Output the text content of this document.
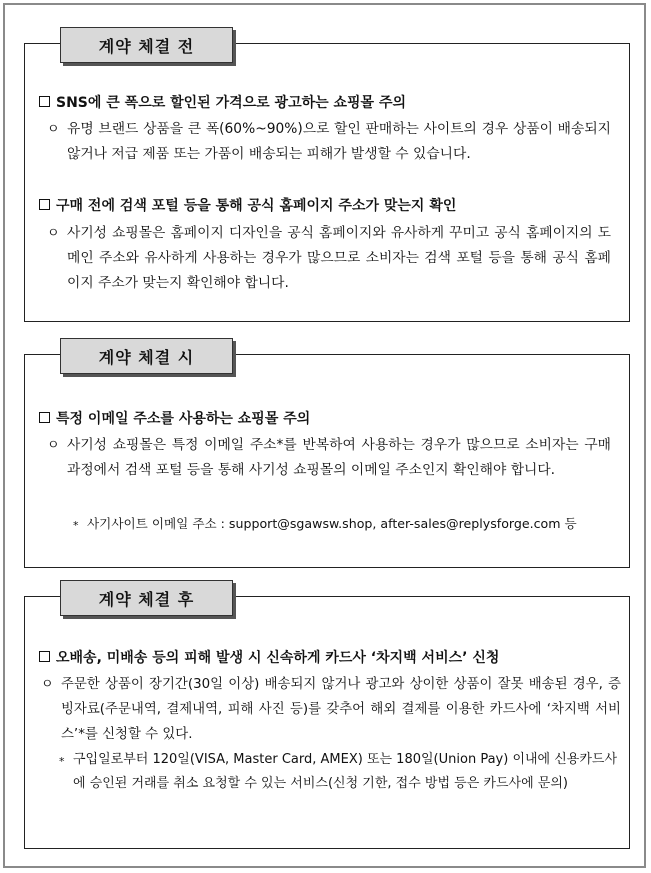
계약 체결 전
SNS에 큰 폭으로 할인된 가격으로 광고하는 쇼핑몰 주의
ㅇ 유명 브랜드 상품을 큰 폭(60%~90%)으로 할인 판매하는 사이트의 경우 상품이 배송되지 않거나 저급 제품 또는 가품이 배송되는 피해가 발생할 수 있습니다.
구매 전에 검색 포털 등을 통해 공식 홈페이지 주소가 맞는지 확인
ㅇ 사기성 쇼핑몰은 홈페이지 디자인을 공식 홈페이지와 유사하게 꾸미고 공식 홈페이지의 도메인 주소와 유사하게 사용하는 경우가 많으므로 소비자는 검색 포털 등을 통해 공식 홈페이지 주소가 맞는지 확인해야 합니다.
계약 체결 시
특정 이메일 주소를 사용하는 쇼핑몰 주의
ㅇ 사기성 쇼핑몰은 특정 이메일 주소*를 반복하여 사용하는 경우가 많으므로 소비자는 구매 과정에서 검색 포털 등을 통해 사기성 쇼핑몰의 이메일 주소인지 확인해야 합니다.
* 사기사이트 이메일 주소 : support@sgawsw.shop, after-sales@replysforge.com 등
계약 체결 후
오배송, 미배송 등의 피해 발생 시 신속하게 카드사 ‘차지백 서비스’ 신청
ㅇ 주문한 상품이 장기간(30일 이상) 배송되지 않거나 광고와 상이한 상품이 잘못 배송된 경우, 증빙자료(주문내역, 결제내역, 피해 사진 등)를 갖추어 해외 결제를 이용한 카드사에 ‘차지백 서비스’*를 신청할 수 있다.
* 구입일로부터 120일(VISA, Master Card, AMEX) 또는 180일(Union Pay) 이내에 신용카드사에 승인된 거래를 취소 요청할 수 있는 서비스(신청 기한, 접수 방법 등은 카드사에 문의)
